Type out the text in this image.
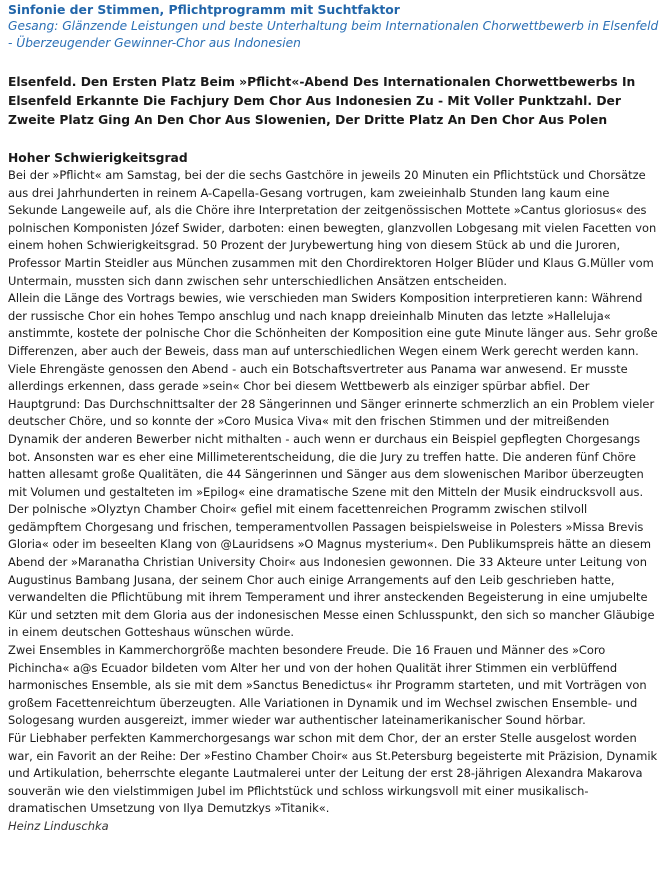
Sinfonie der Stimmen, Pflichtprogramm mit Suchtfaktor

Gesang: Glänzende Leistungen und beste Unterhaltung beim Internationalen Chorwettbewerb in Elsenfeld - Überzeugender Gewinner-Chor aus Indonesien

Elsenfeld. Den Ersten Platz Beim »Pflicht«-Abend Des Internationalen Chorwettbewerbs In Elsenfeld Erkannte Die Fachjury Dem Chor Aus Indonesien Zu - Mit Voller Punktzahl. Der Zweite Platz Ging An Den Chor Aus Slowenien, Der Dritte Platz An Den Chor Aus Polen

Hoher Schwierigkeitsgrad

Bei der »Pflicht« am Samstag, bei der die sechs Gastchöre in jeweils 20 Minuten ein Pflichtstück und Chorsätze aus drei Jahrhunderten in reinem A-Capella-Gesang vortrugen, kam zweieinhalb Stunden lang kaum eine Sekunde Langeweile auf, als die Chöre ihre Interpretation der zeitgenössischen Mottete »Cantus gloriosus« des polnischen Komponisten Józef Swider, darboten: einen bewegten, glanzvollen Lobgesang mit vielen Facetten von einem hohen Schwierigkeitsgrad. 50 Prozent der Jurybewertung hing von diesem Stück ab und die Juroren, Professor Martin Steidler aus München zusammen mit den Chordirektoren Holger Blüder und Klaus G.Müller vom Untermain, mussten sich dann zwischen sehr unterschiedlichen Ansätzen entscheiden.

Allein die Länge des Vortrags bewies, wie verschieden man Swiders Komposition interpretieren kann: Während der russische Chor ein hohes Tempo anschlug und nach knapp dreieinhalb Minuten das letzte »Halleluja« anstimmte, kostete der polnische Chor die Schönheiten der Komposition eine gute Minute länger aus. Sehr große Differenzen, aber auch der Beweis, dass man auf unterschiedlichen Wegen einem Werk gerecht werden kann.

Viele Ehrengäste genossen den Abend - auch ein Botschaftsvertreter aus Panama war anwesend. Er musste allerdings erkennen, dass gerade »sein« Chor bei diesem Wettbewerb als einziger spürbar abfiel. Der Hauptgrund: Das Durchschnittsalter der 28 Sängerinnen und Sänger erinnerte schmerzlich an ein Problem vieler deutscher Chöre, und so konnte der »Coro Musica Viva« mit den frischen Stimmen und der mitreißenden Dynamik der anderen Bewerber nicht mithalten - auch wenn er durchaus ein Beispiel gepflegten Chorgesangs bot. Ansonsten war es eher eine Millimeterentscheidung, die die Jury zu treffen hatte. Die anderen fünf Chöre hatten allesamt große Qualitäten, die 44 Sängerinnen und Sänger aus dem slowenischen Maribor überzeugten mit Volumen und gestalteten im »Epilog« eine dramatische Szene mit den Mitteln der Musik eindrucksvoll aus. Der polnische »Olyztyn Chamber Choir« gefiel mit einem facettenreichen Programm zwischen stilvoll gedämpftem Chorgesang und frischen, temperamentvollen Passagen beispielsweise in Polesters »Missa Brevis Gloria« oder im beseelten Klang von @Lauridsens »O Magnus mysterium«. Den Publikumspreis hätte an diesem Abend der »Maranatha Christian University Choir« aus Indonesien gewonnen. Die 33 Akteure unter Leitung von Augustinus Bambang Jusana, der seinem Chor auch einige Arrangements auf den Leib geschrieben hatte, verwandelten die Pflichtübung mit ihrem Temperament und ihrer ansteckenden Begeisterung in eine umjubelte Kür und setzten mit dem Gloria aus der indonesischen Messe einen Schlusspunkt, den sich so mancher Gläubige in einem deutschen Gotteshaus wünschen würde.

Zwei Ensembles in Kammerchorgröße machten besondere Freude. Die 16 Frauen und Männer des »Coro Pichincha« a@s Ecuador bildeten vom Alter her und von der hohen Qualität ihrer Stimmen ein verblüffend harmonisches Ensemble, als sie mit dem »Sanctus Benedictus« ihr Programm starteten, und mit Vorträgen von großem Facettenreichtum überzeugten. Alle Variationen in Dynamik und im Wechsel zwischen Ensemble- und Sologesang wurden ausgereizt, immer wieder war authentischer lateinamerikanischer Sound hörbar.

Für Liebhaber perfekten Kammerchorgesangs war schon mit dem Chor, der an erster Stelle ausgelost worden war, ein Favorit an der Reihe: Der »Festino Chamber Choir« aus St.Petersburg begeisterte mit Präzision, Dynamik und Artikulation, beherrschte elegante Lautmalerei unter der Leitung der erst 28-jährigen Alexandra Makarova souverän wie den vielstimmigen Jubel im Pflichtstück und schloss wirkungsvoll mit einer musikalisch-dramatischen Umsetzung von Ilya Demutzkys »Titanik«.

Heinz Linduschka
